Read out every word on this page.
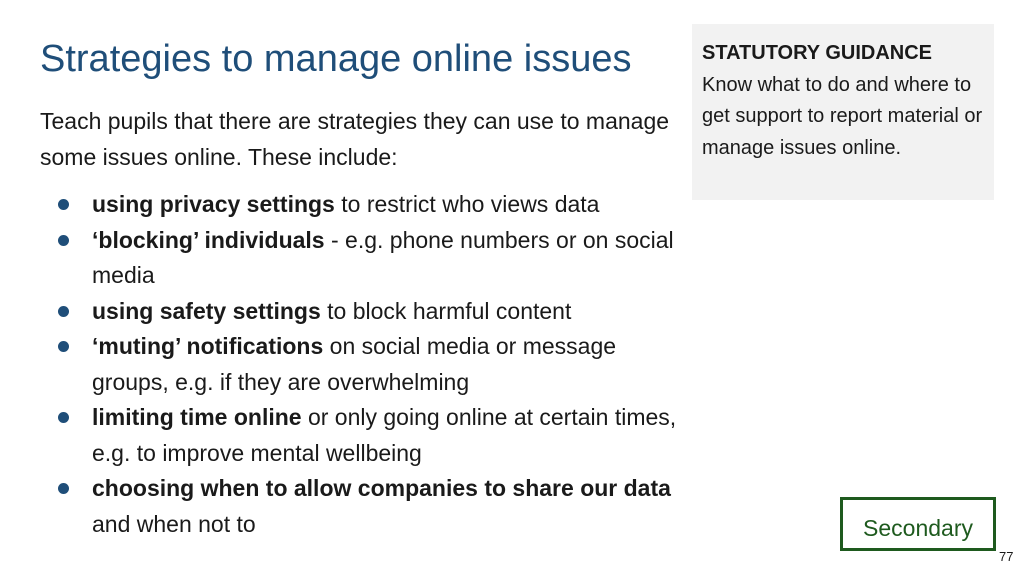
Strategies to manage online issues

Teach pupils that there are strategies they can use to manage some issues online. These include:

using privacy settings to restrict who views data
‘blocking’ individuals - e.g. phone numbers or on social media
using safety settings to block harmful content
‘muting’ notifications on social media or message groups, e.g. if they are overwhelming
limiting time online or only going online at certain times, e.g. to improve mental wellbeing
choosing when to allow companies to share our data and when not to
STATUTORY GUIDANCE
Know what to do and where to get support to report material or manage issues online.
Secondary
77
